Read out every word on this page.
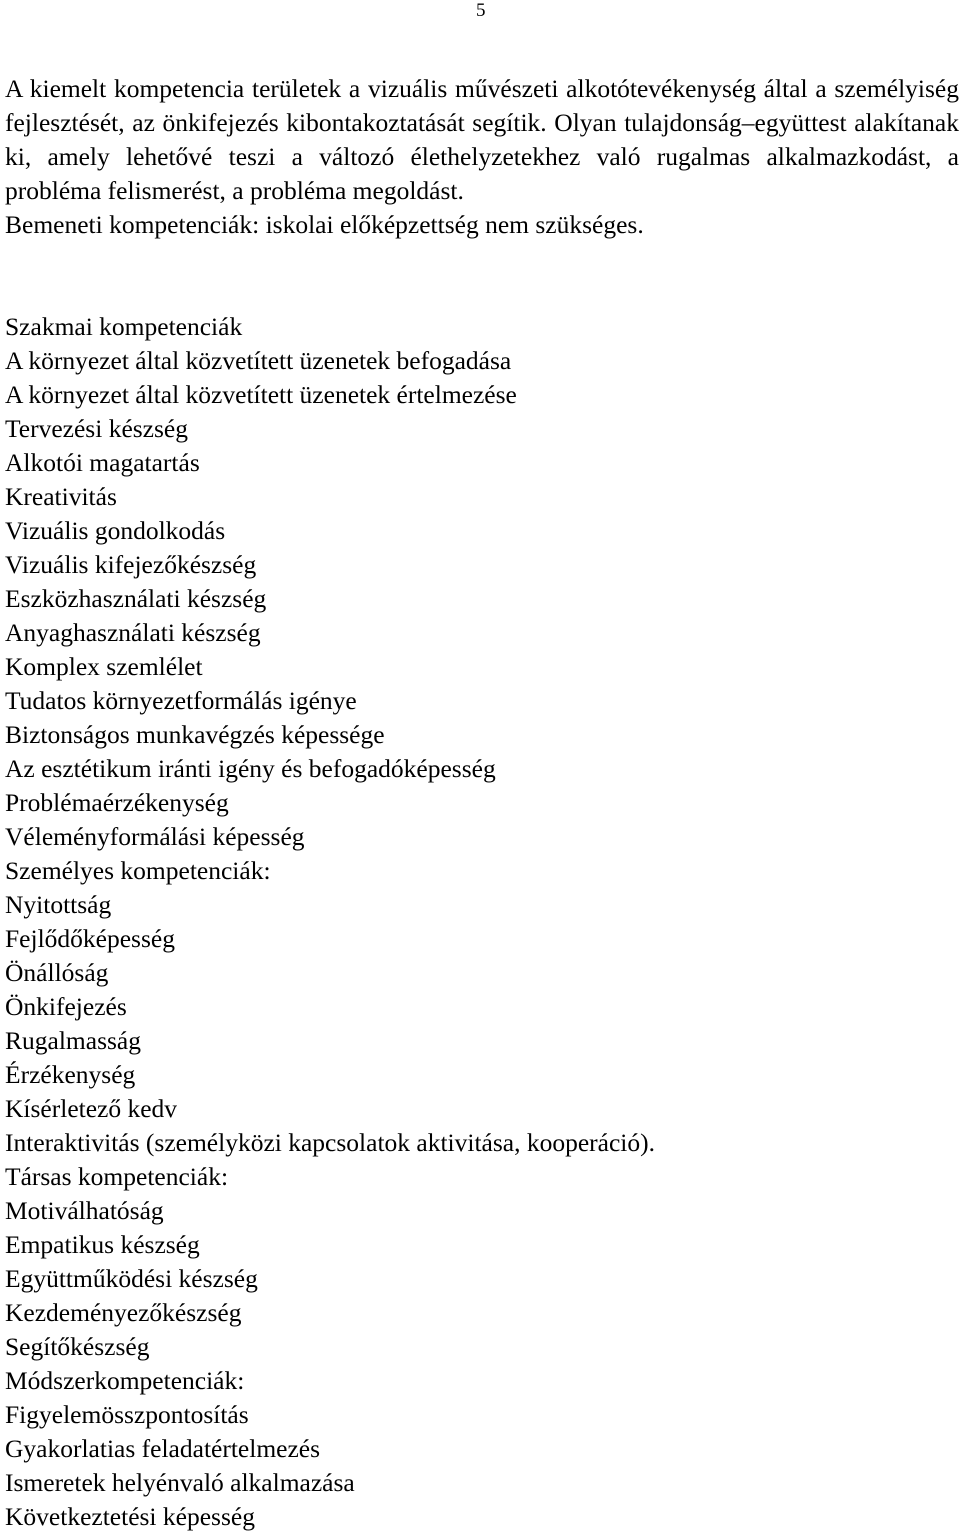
5

A kiemelt kompetencia területek a vizuális művészeti alkotótevékenység által a személyiség fejlesztését, az önkifejezés kibontakoztatását segítik. Olyan tulajdonság–együttest alakítanak ki, amely lehetővé teszi a változó élethelyzetekhez való rugalmas alkalmazkodást, a probléma felismerést, a probléma megoldást.

Bemeneti kompetenciák: iskolai előképzettség nem szükséges.

Szakmai kompetenciák
A környezet által közvetített üzenetek befogadása
A környezet által közvetített üzenetek értelmezése
Tervezési készség
Alkotói magatartás
Kreativitás
Vizuális gondolkodás
Vizuális kifejezőkészség
Eszközhasználati készség
Anyaghasználati készség
Komplex szemlélet
Tudatos környezetformálás igénye
Biztonságos munkavégzés képessége
Az esztétikum iránti igény és befogadóképesség
Problémaérzékenység
Véleményformálási képesség
Személyes kompetenciák:
Nyitottság
Fejlődőképesség
Önállóság
Önkifejezés
Rugalmasság
Érzékenység
Kísérletező kedv
Interaktivitás (személyközi kapcsolatok aktivitása, kooperáció).
Társas kompetenciák:
Motiválhatóság
Empatikus készség
Együttműködési készség
Kezdeményezőkészség
Segítőkészség
Módszerkompetenciák:
Figyelemösszpontosítás
Gyakorlatias feladatértelmezés
Ismeretek helyénvaló alkalmazása
Következtetési képesség
